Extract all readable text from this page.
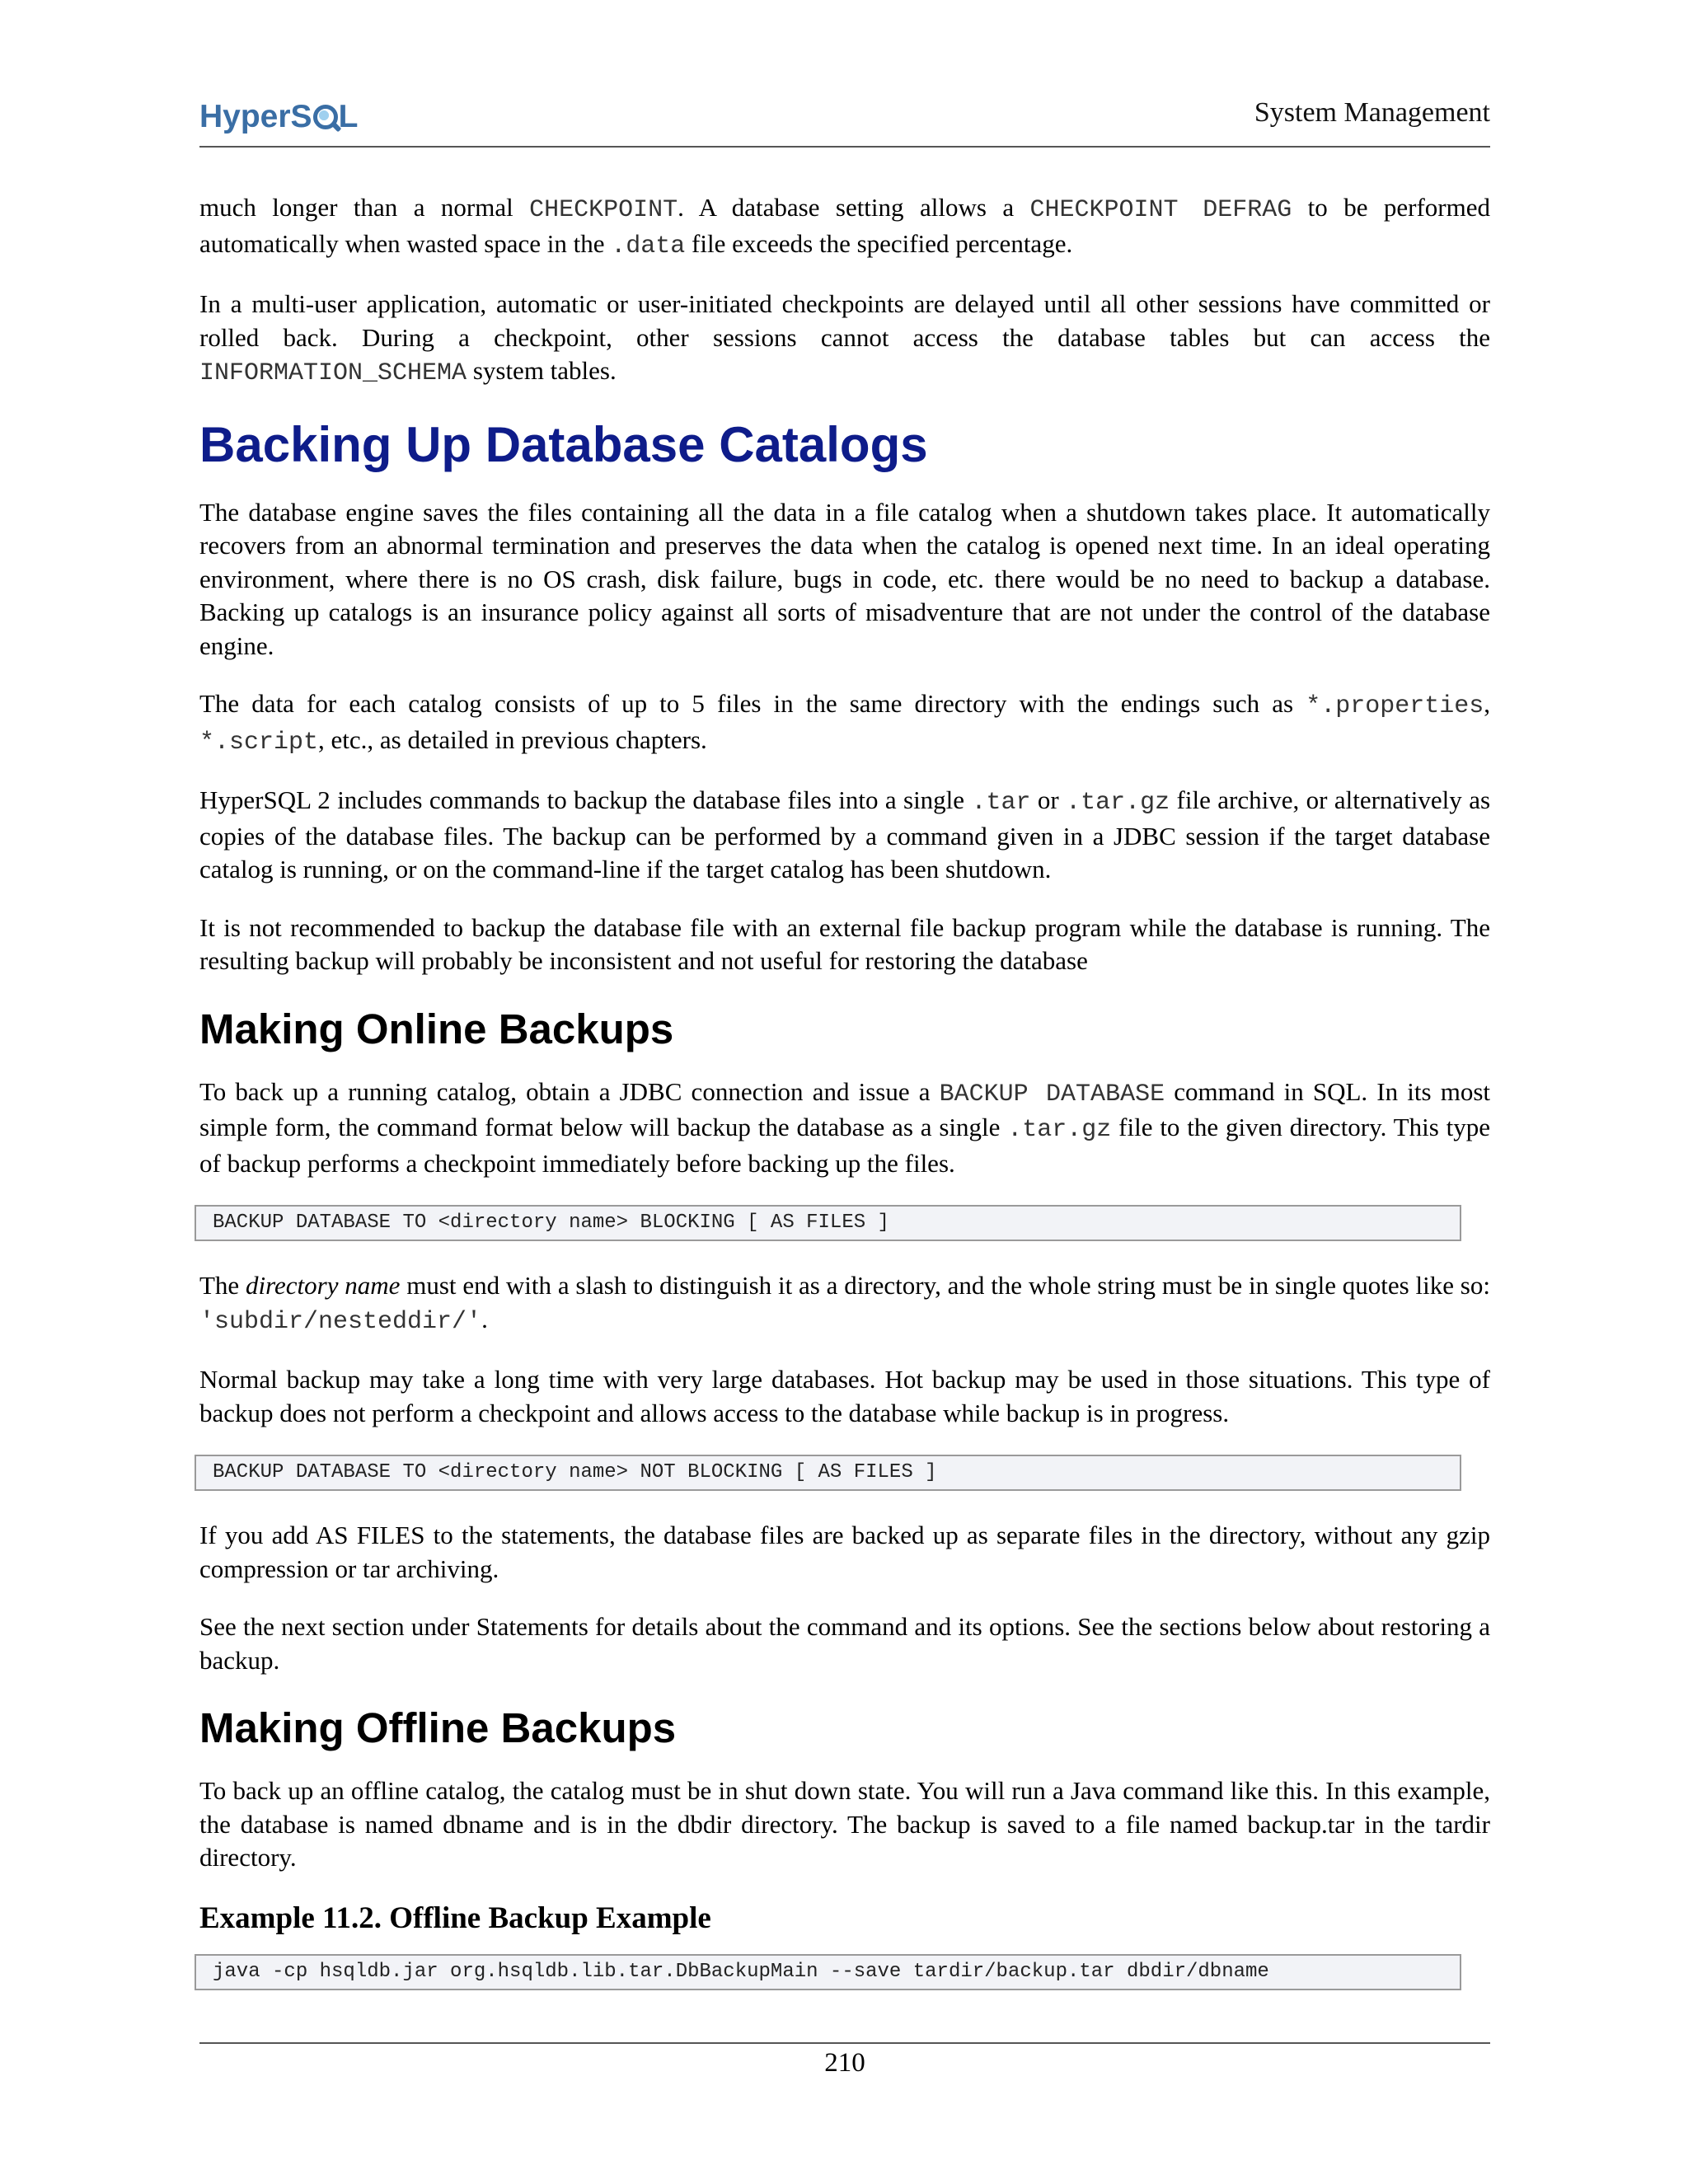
HyperS L	System Management

much longer than a normal CHECKPOINT. A database setting allows a CHECKPOINT DEFRAG to be performed automatically when wasted space in the .data file exceeds the specified percentage.

In a multi-user application, automatic or user-initiated checkpoints are delayed until all other sessions have committed or rolled back. During a checkpoint, other sessions cannot access the database tables but can access the INFORMATION_SCHEMA system tables.

Backing Up Database Catalogs

The database engine saves the files containing all the data in a file catalog when a shutdown takes place. It automatically recovers from an abnormal termination and preserves the data when the catalog is opened next time. In an ideal operating environment, where there is no OS crash, disk failure, bugs in code, etc. there would be no need to backup a database. Backing up catalogs is an insurance policy against all sorts of misadventure that are not under the control of the database engine.

The data for each catalog consists of up to 5 files in the same directory with the endings such as *.properties, *.script, etc., as detailed in previous chapters.

HyperSQL 2 includes commands to backup the database files into a single .tar or .tar.gz file archive, or alternatively as copies of the database files. The backup can be performed by a command given in a JDBC session if the target database catalog is running, or on the command-line if the target catalog has been shutdown.

It is not recommended to backup the database file with an external file backup program while the database is running. The resulting backup will probably be inconsistent and not useful for restoring the database

Making Online Backups

To back up a running catalog, obtain a JDBC connection and issue a BACKUP DATABASE command in SQL. In its most simple form, the command format below will backup the database as a single .tar.gz file to the given directory. This type of backup performs a checkpoint immediately before backing up the files.

BACKUP DATABASE TO <directory name> BLOCKING [ AS FILES ]

The directory name must end with a slash to distinguish it as a directory, and the whole string must be in single quotes like so: 'subdir/nesteddir/'.

Normal backup may take a long time with very large databases. Hot backup may be used in those situations. This type of backup does not perform a checkpoint and allows access to the database while backup is in progress.

BACKUP DATABASE TO <directory name> NOT BLOCKING [ AS FILES ]

If you add AS FILES to the statements, the database files are backed up as separate files in the directory, without any gzip compression or tar archiving.

See the next section under Statements for details about the command and its options. See the sections below about restoring a backup.

Making Offline Backups

To back up an offline catalog, the catalog must be in shut down state. You will run a Java command like this. In this example, the database is named dbname and is in the dbdir directory. The backup is saved to a file named backup.tar in the tardir directory.

Example 11.2. Offline Backup Example
java -cp hsqldb.jar org.hsqldb.lib.tar.DbBackupMain --save tardir/backup.tar dbdir/dbname
210
